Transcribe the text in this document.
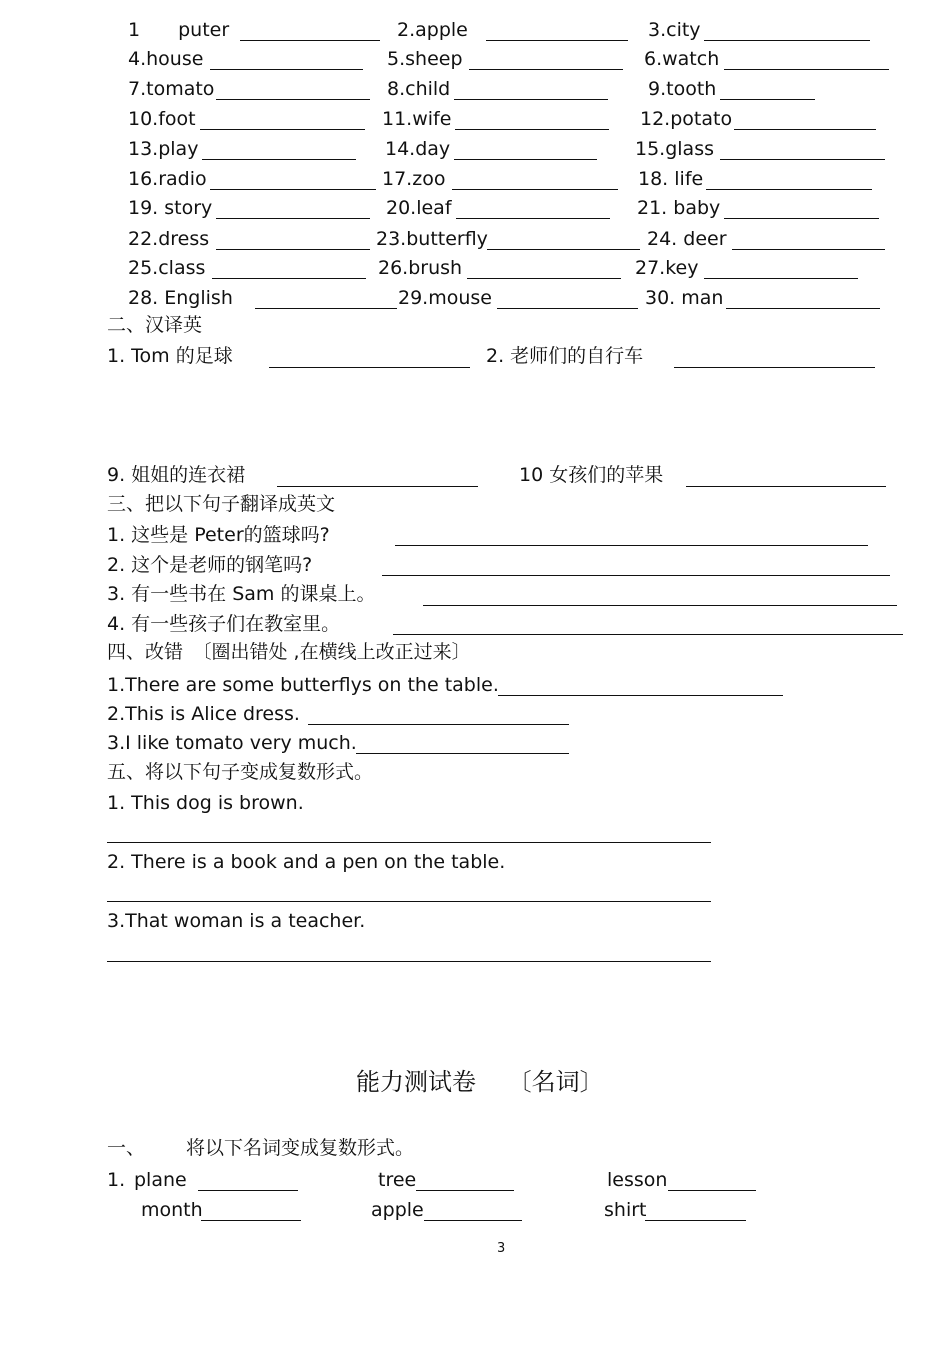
1　　puter	2.apple	3.city
4.house	5.sheep	6.watch
7.tomato	8.child	9.tooth
10.foot	11.wife	12.potato
13.play	14.day	15.glass
16.radio	17.zoo	18. life
19. story	20.leaf	21. baby
22.dress	23.butterfly	24. deer
25.class	26.brush	27.key
28. English	29.mouse	30. man
二、汉译英
1. Tom 的足球	2. 老师们的自行车
9. 姐姐的连衣裙	10 女孩们的苹果
三、把以下句子翻译成英文
1. 这些是 Peter的篮球吗?
2. 这个是老师的钢笔吗?
3. 有一些书在 Sam 的课桌上。
4. 有一些孩子们在教室里。
四、改错　〔圈出错处 ,在横线上改正过来〕
1.There are some butterflys on the table.
2.This is Alice dress.
3.I like tomato very much.
五、将以下句子变成复数形式。
1. This dog is brown.
2. There is a book and a pen on the table.
3.That woman is a teacher.
能力测试卷　 〔名词〕
一、 将以下名词变成复数形式。
1. plane	tree	lesson
month	apple	shirt
3
